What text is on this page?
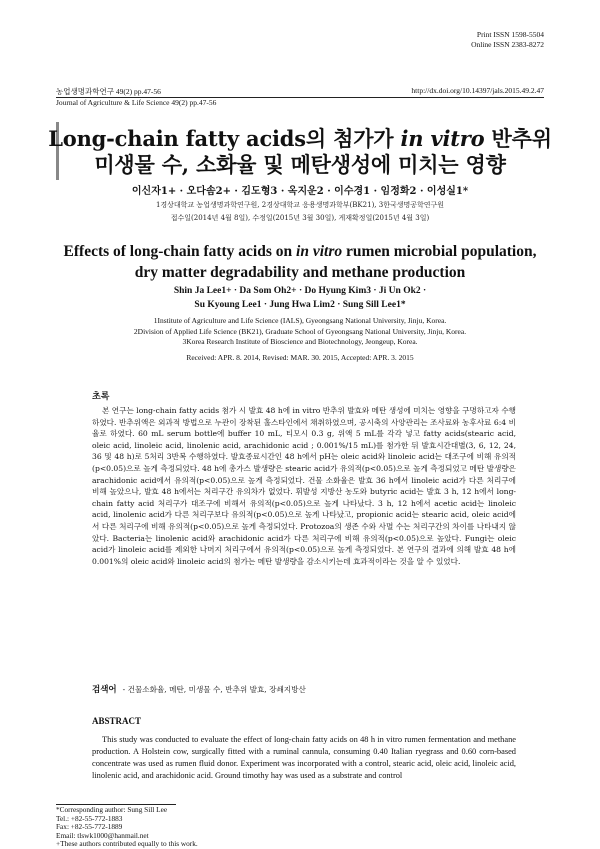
Print ISSN 1598-5504
Online ISSN 2383-8272
농업생명과학연구 49(2) pp.47-56	http://dx.doi.org/10.14397/jals.2015.49.2.47
Journal of Agriculture & Life Science 49(2) pp.47-56
Long-chain fatty acids의 첨가가 in vitro 반추위
미생물 수, 소화율 및 메탄생성에 미치는 영향
이신자1+ · 오다솜2+ · 김도형3 · 옥지운2 · 이수경1 · 임정화2 · 이성실1*
1경상대학교 농업생명과학연구원, 2경상대학교 응용생명과학부(BK21), 3한국생명공학연구원
접수일(2014년 4월 8일), 수정일(2015년 3월 30일), 게재확정일(2015년 4월 3일)
Effects of long-chain fatty acids on in vitro rumen microbial population,
dry matter degradability and methane production
Shin Ja Lee1+ · Da Som Oh2+ · Do Hyung Kim3 · Ji Un Ok2 ·
Su Kyoung Lee1 · Jung Hwa Lim2 · Sung Sill Lee1*
1Institute of Agriculture and Life Science (IALS), Gyeongsang National University, Jinju, Korea.
2Division of Applied Life Science (BK21), Graduate School of Gyeongsang National University, Jinju, Korea.
3Korea Research Institute of Bioscience and Biotechnology, Jeongeup, Korea.
Received: APR. 8. 2014, Revised: MAR. 30. 2015, Accepted: APR. 3. 2015
초록

본 연구는 long-chain fatty acids 첨가 시 발효 48 h에 in vitro 반추위 발효와 메탄 생성에 미치는 영향을 구명하고자 수행하였다. 반추위액은 외과적 방법으로 누관이 장착된 홀스타인에서 채취하였으며, 공시축의 사양관리는 조사료와 농후사료 6:4 비율로 하였다. 60 mL serum bottle에 buffer 10 mL, 티모시 0.3 g, 위액 5 mL를 각각 넣고 fatty acids(stearic acid, oleic acid, linoleic acid, linolenic acid, arachidonic acid ; 0.001%/15 mL)를 첨가한 뒤 발효시간대별(3, 6, 12, 24, 36 및 48 h)로 5처리 3반복 수행하였다. 발효종료시간인 48 h에서 pH는 oleic acid와 linoleic acid는 대조구에 비해 유의적(p<0.05)으로 높게 측정되었다. 48 h에 총가스 발생량은 stearic acid가 유의적(p<0.05)으로 높게 측정되었고 메탄 발생량은 arachidonic acid에서 유의적(p<0.05)으로 높게 측정되었다. 건물 소화율은 발효 36 h에서 linoleic acid가 다른 처리구에 비해 높았으나, 발효 48 h에서는 처리구간 유의차가 없었다. 휘발성 지방산 농도와 butyric acid는 발효 3 h, 12 h에서 long-chain fatty acid 처리구가 대조구에 비해서 유의적(p<0.05)으로 높게 나타났다. 3 h, 12 h에서 acetic acid는 linoleic acid, linolenic acid가 다른 처리구보다 유의적(p<0.05)으로 높게 나타났고, propionic acid는 stearic acid, oleic acid에서 다른 처리구에 비해 유의적(p<0.05)으로 높게 측정되었다. Protozoa의 생존 수와 사멸 수는 처리구간의 차이를 나타내지 않았다. Bacteria는 linolenic acid와 arachidonic acid가 다른 처리구에 비해 유의적(p<0.05)으로 높았다. Fungi는 oleic acid가 linoleic acid를 제외한 나머지 처리구에서 유의적(p<0.05)으로 높게 측정되었다. 본 연구의 결과에 의해 발효 48 h에 0.001%의 oleic acid와 linoleic acid의 첨가는 메탄 발생량을 감소시키는데 효과적이라는 것을 알 수 있었다.

검색어 - 건물소화율, 메탄, 미생물 수, 반추위 발효, 장쇄지방산
ABSTRACT

This study was conducted to evaluate the effect of long-chain fatty acids on 48 h in vitro rumen fermentation and methane production. A Holstein cow, surgically fitted with a ruminal cannula, consuming 0.40 Italian ryegrass and 0.60 corn-based concentrate was used as rumen fluid donor. Experiment was incorporated with a control, stearic acid, oleic acid, linoleic acid, linolenic acid, and arachidonic acid. Ground timothy hay was used as a substrate and control

*Corresponding author: Sung Sill Lee
Tel.: +82-55-772-1883
Fax: +82-55-772-1889
Email: tlswk1000@hanmail.net
+These authors contributed equally to this work.
